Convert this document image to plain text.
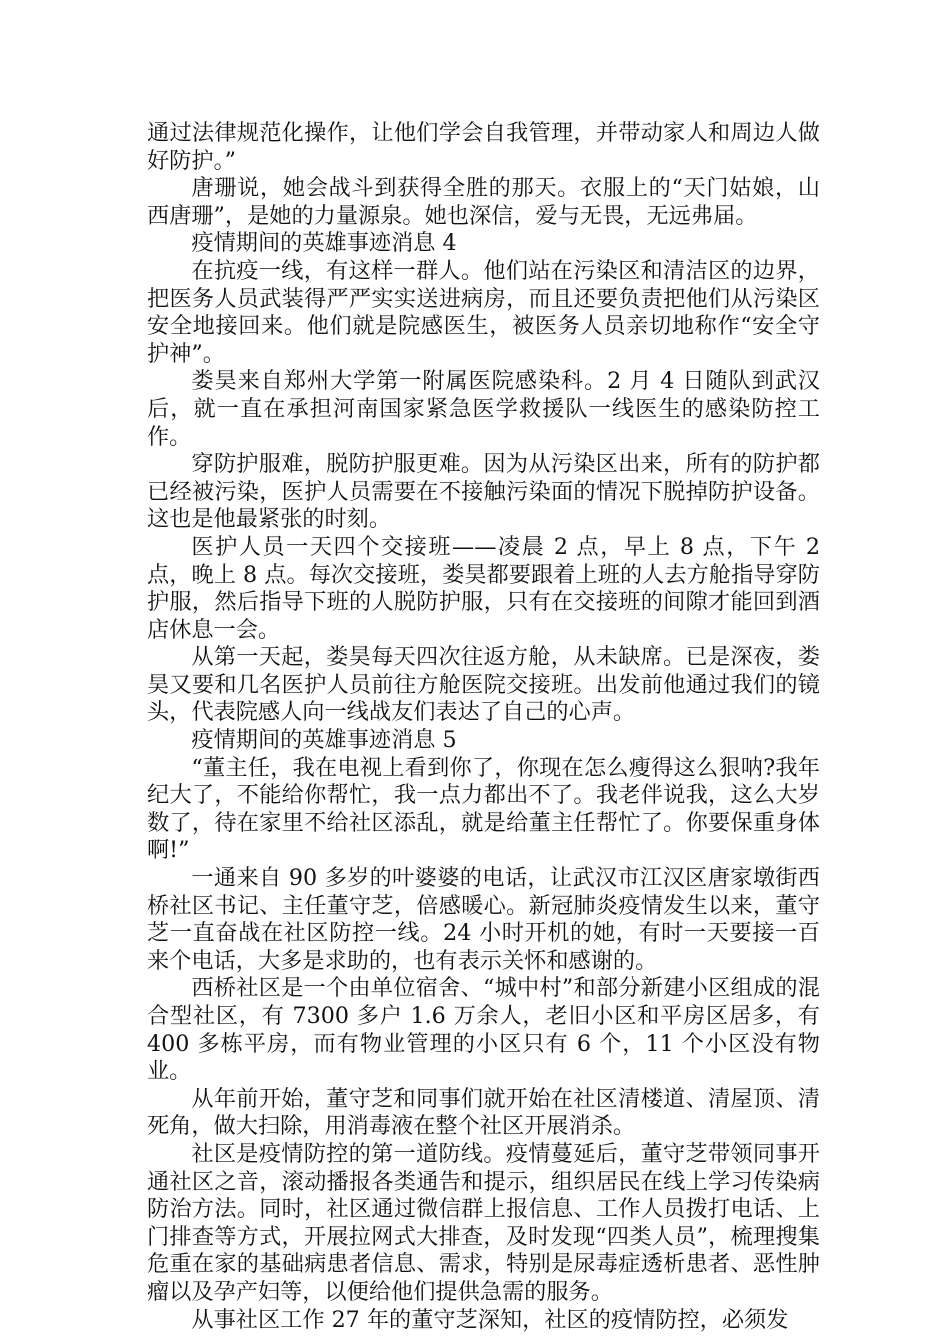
通过法律规范化操作，让他们学会自我管理，并带动家人和周边人做好防护。”

唐珊说，她会战斗到获得全胜的那天。衣服上的“天门姑娘，山西唐珊”，是她的力量源泉。她也深信，爱与无畏，无远弗届。

疫情期间的英雄事迹消息 4

在抗疫一线，有这样一群人。他们站在污染区和清洁区的边界，把医务人员武装得严严实实送进病房，而且还要负责把他们从污染区安全地接回来。他们就是院感医生，被医务人员亲切地称作“安全守护神”。

娄昊来自郑州大学第一附属医院感染科。2 月 4 日随队到武汉后，就一直在承担河南国家紧急医学救援队一线医生的感染防控工作。

穿防护服难，脱防护服更难。因为从污染区出来，所有的防护都已经被污染，医护人员需要在不接触污染面的情况下脱掉防护设备。这也是他最紧张的时刻。

医护人员一天四个交接班——凌晨 2 点，早上 8 点，下午 2 点，晚上 8 点。每次交接班，娄昊都要跟着上班的人去方舱指导穿防护服，然后指导下班的人脱防护服，只有在交接班的间隙才能回到酒店休息一会。

从第一天起，娄昊每天四次往返方舱，从未缺席。已是深夜，娄昊又要和几名医护人员前往方舱医院交接班。出发前他通过我们的镜头，代表院感人向一线战友们表达了自己的心声。

疫情期间的英雄事迹消息 5

“董主任，我在电视上看到你了，你现在怎么瘦得这么狠呐?我年纪大了，不能给你帮忙，我一点力都出不了。我老伴说我，这么大岁数了，待在家里不给社区添乱，就是给董主任帮忙了。你要保重身体啊!”

一通来自 90 多岁的叶婆婆的电话，让武汉市江汉区唐家墩街西桥社区书记、主任董守芝，倍感暖心。新冠肺炎疫情发生以来，董守芝一直奋战在社区防控一线。24 小时开机的她，有时一天要接一百来个电话，大多是求助的，也有表示关怀和感谢的。

西桥社区是一个由单位宿舍、“城中村”和部分新建小区组成的混合型社区，有 7300 多户 1.6 万余人，老旧小区和平房区居多，有 400 多栋平房，而有物业管理的小区只有 6 个，11 个小区没有物业。

从年前开始，董守芝和同事们就开始在社区清楼道、清屋顶、清死角，做大扫除，用消毒液在整个社区开展消杀。

社区是疫情防控的第一道防线。疫情蔓延后，董守芝带领同事开通社区之音，滚动播报各类通告和提示，组织居民在线上学习传染病防治方法。同时，社区通过微信群上报信息、工作人员拨打电话、上门排查等方式，开展拉网式大排查，及时发现“四类人员”，梳理搜集危重在家的基础病患者信息、需求，特别是尿毒症透析患者、恶性肿瘤以及孕产妇等，以便给他们提供急需的服务。

从事社区工作 27 年的董守芝深知，社区的疫情防控，必须发
